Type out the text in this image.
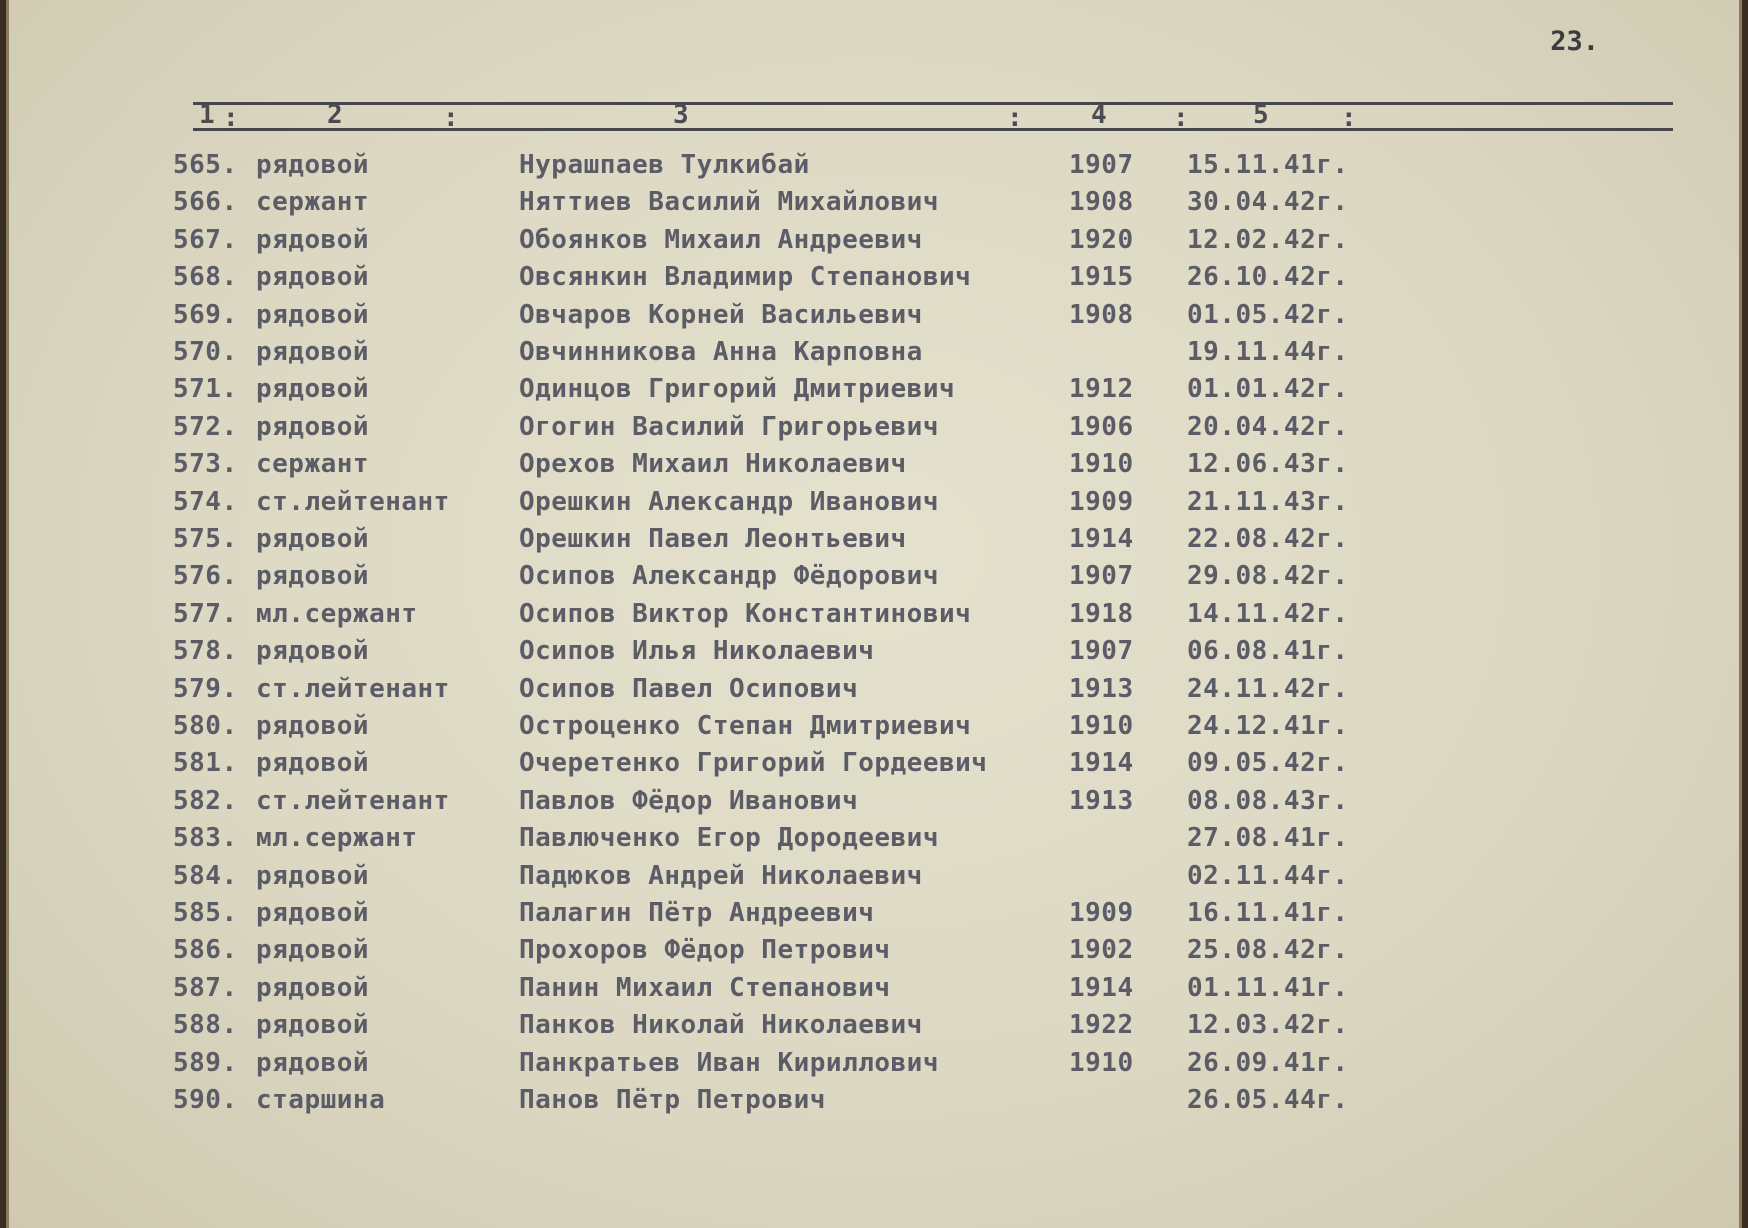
23.
1 :	2	:	3	:	4	: 5	:
565. рядовой	Нурашпаев Тулкибай	1907 15.11.41г.
566. сержант	Няттиев Василий Михайлович	1908 30.04.42г.
567. рядовой	Обоянков Михаил Андреевич	1920 12.02.42г.
568. рядовой	Овсянкин Владимир Степанович	1915 26.10.42г.
569. рядовой	Овчаров Корней Васильевич	1908 01.05.42г.
570. рядовой	Овчинникова Анна Карповна	19.11.44г.
571. рядовой	Одинцов Григорий Дмитриевич	1912 01.01.42г.
572. рядовой	Огогин Василий Григорьевич	1906 20.04.42г.
573. сержант	Орехов Михаил Николаевич	1910 12.06.43г.
574. ст.лейтенант	Орешкин Александр Иванович	1909 21.11.43г.
575. рядовой	Орешкин Павел Леонтьевич	1914 22.08.42г.
576. рядовой	Осипов Александр Фёдорович	1907 29.08.42г.
577. мл.сержант	Осипов Виктор Константинович	1918 14.11.42г.
578. рядовой	Осипов Илья Николаевич	1907 06.08.41г.
579. ст.лейтенант	Осипов Павел Осипович	1913 24.11.42г.
580. рядовой	Остроценко Степан Дмитриевич	1910 24.12.41г.
581. рядовой	Очеретенко Григорий Гордеевич	1914 09.05.42г.
582. ст.лейтенант	Павлов Фёдор Иванович	1913 08.08.43г.
583. мл.сержант	Павлюченко Егор Дородеевич	27.08.41г.
584. рядовой	Падюков Андрей Николаевич	02.11.44г.
585. рядовой	Палагин Пётр Андреевич	1909 16.11.41г.
586. рядовой	Прохоров Фёдор Петрович	1902 25.08.42г.
587. рядовой	Панин Михаил Степанович	1914 01.11.41г.
588. рядовой	Панков Николай Николаевич	1922 12.03.42г.
589. рядовой	Панкратьев Иван Кириллович	1910 26.09.41г.
590. старшина	Панов Пётр Петрович	26.05.44г.
